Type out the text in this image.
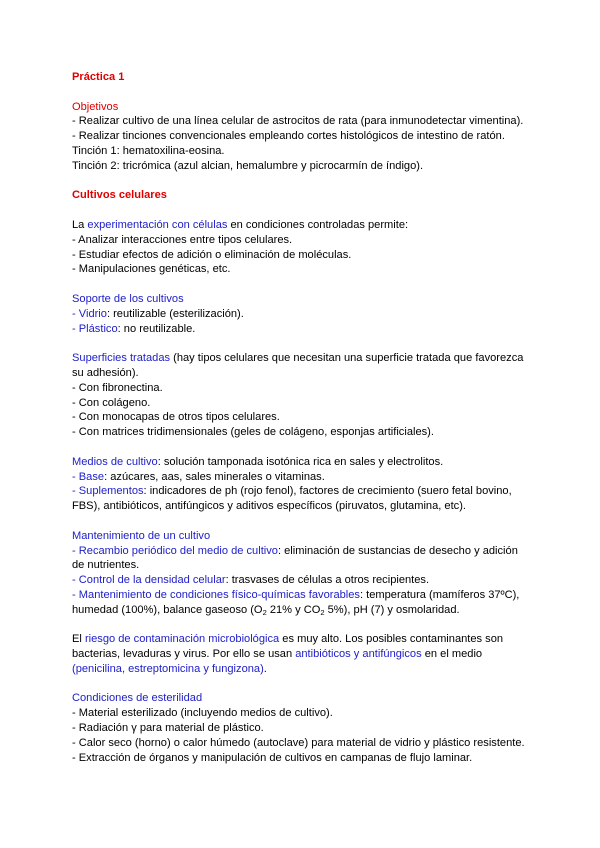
Práctica 1
Objetivos
- Realizar cultivo de una línea celular de astrocitos de rata (para inmunodetectar vimentina).
- Realizar tinciones convencionales empleando cortes histológicos de intestino de ratón.
Tinción 1: hematoxilina-eosina.
Tinción 2: tricrómica (azul alcian, hemalumbre y picrocarmín de índigo).
Cultivos celulares
La experimentación con células en condiciones controladas permite:
- Analizar interacciones entre tipos celulares.
- Estudiar efectos de adición o eliminación de moléculas.
- Manipulaciones genéticas, etc.
Soporte de los cultivos
- Vidrio: reutilizable (esterilización).
- Plástico: no reutilizable.
Superficies tratadas (hay tipos celulares que necesitan una superficie tratada que favorezca
su adhesión).
- Con fibronectina.
- Con colágeno.
- Con monocapas de otros tipos celulares.
- Con matrices tridimensionales (geles de colágeno, esponjas artificiales).
Medios de cultivo: solución tamponada isotónica rica en sales y electrolitos.
- Base: azúcares, aas, sales minerales o vitaminas.
- Suplementos: indicadores de ph (rojo fenol), factores de crecimiento (suero fetal bovino,
FBS), antibióticos, antifúngicos y aditivos específicos (piruvatos, glutamina, etc).
Mantenimiento de un cultivo
- Recambio periódico del medio de cultivo: eliminación de sustancias de desecho y adición
de nutrientes.
- Control de la densidad celular: trasvases de células a otros recipientes.
- Mantenimiento de condiciones físico-químicas favorables: temperatura (mamíferos 37ºC),
humedad (100%), balance gaseoso ($O_2$ 21% y $CO_2$ 5%), pH (7) y osmolaridad.
El riesgo de contaminación microbiológica es muy alto. Los posibles contaminantes son
bacterias, levaduras y virus. Por ello se usan antibióticos y antifúngicos en el medio
(penicilina, estreptomicina y fungizona).
Condiciones de esterilidad
- Material esterilizado (incluyendo medios de cultivo).
- Radiación γ para material de plástico.
- Calor seco (horno) o calor húmedo (autoclave) para material de vidrio y plástico resistente.
- Extracción de órganos y manipulación de cultivos en campanas de flujo laminar.
